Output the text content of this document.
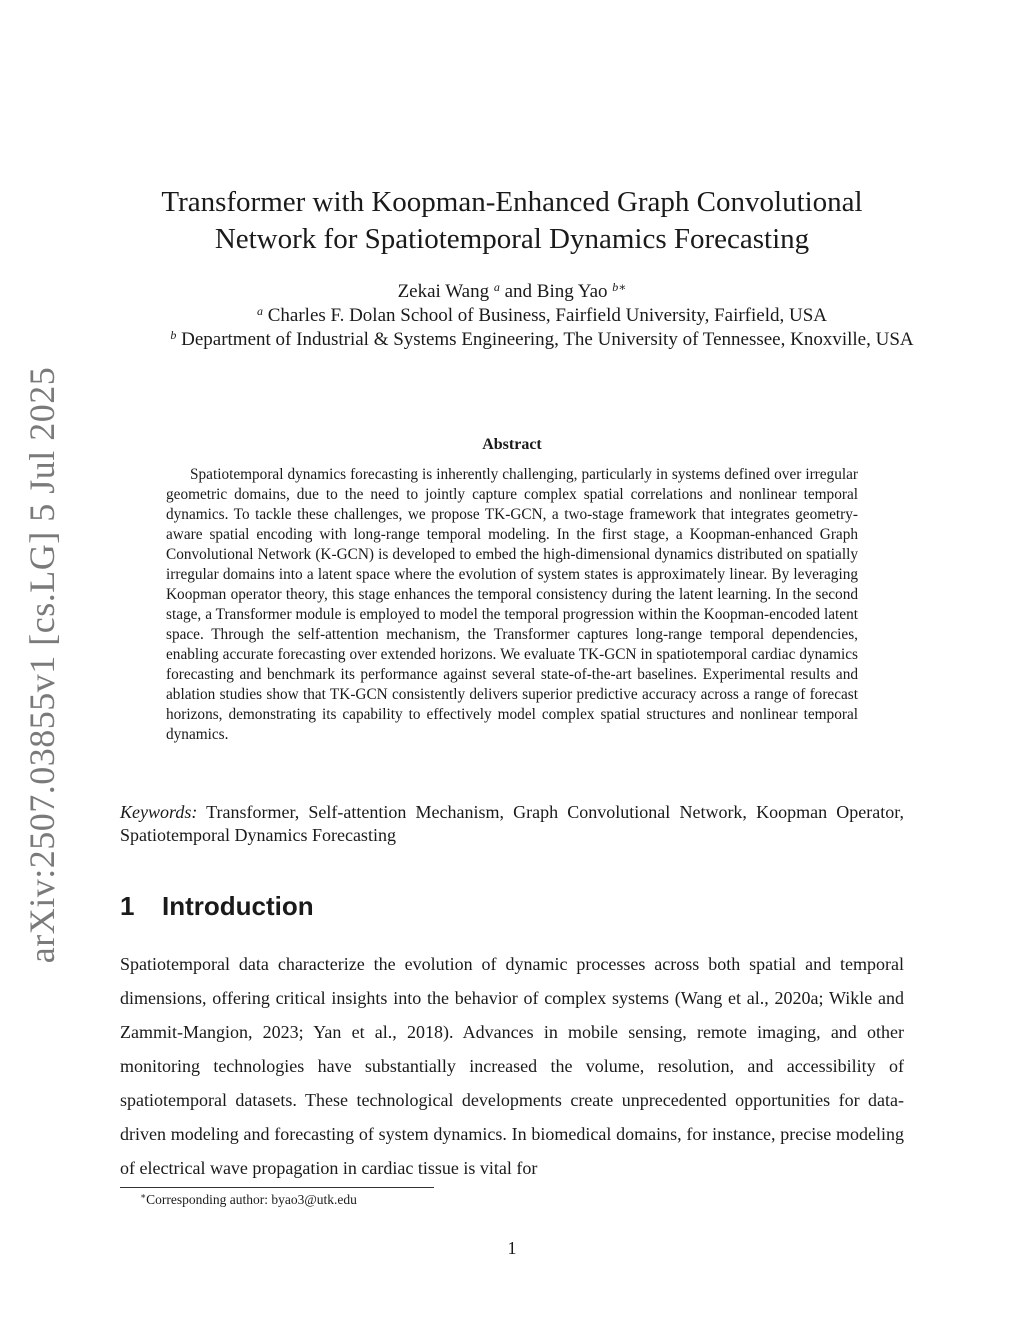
arXiv:2507.03855v1 [cs.LG] 5 Jul 2025
Transformer with Koopman-Enhanced Graph Convolutional
Network for Spatiotemporal Dynamics Forecasting
Zekai Wang $^a$ and Bing Yao $^{b∗}$
$^a$ Charles F. Dolan School of Business, Fairfield University, Fairfield, USA
$^b$ Department of Industrial & Systems Engineering, The University of Tennessee, Knoxville, USA
Abstract

Spatiotemporal dynamics forecasting is inherently challenging, particularly in systems defined over irregular geometric domains, due to the need to jointly capture complex spatial correlations and nonlinear temporal dynamics. To tackle these challenges, we propose TK-GCN, a two-stage framework that integrates geometry-aware spatial encoding with long-range temporal modeling. In the first stage, a Koopman-enhanced Graph Convolutional Network (K-GCN) is developed to embed the high-dimensional dynamics distributed on spatially irregular domains into a latent space where the evolution of system states is approximately linear. By leveraging Koopman operator theory, this stage enhances the temporal consistency during the latent learning. In the second stage, a Transformer module is employed to model the temporal progression within the Koopman-encoded latent space. Through the self-attention mechanism, the Transformer captures long-range temporal dependencies, enabling accurate forecasting over extended horizons. We evaluate TK-GCN in spatiotemporal cardiac dynamics forecasting and benchmark its performance against several state-of-the-art baselines. Experimental results and ablation studies show that TK-GCN consistently delivers superior predictive accuracy across a range of forecast horizons, demonstrating its capability to effectively model complex spatial structures and nonlinear temporal dynamics.

Keywords: Transformer, Self-attention Mechanism, Graph Convolutional Network, Koopman Operator, Spatiotemporal Dynamics Forecasting

1 Introduction

Spatiotemporal data characterize the evolution of dynamic processes across both spatial and temporal dimensions, offering critical insights into the behavior of complex systems (Wang et al., 2020a; Wikle and Zammit-Mangion, 2023; Yan et al., 2018). Advances in mobile sensing, remote imaging, and other monitoring technologies have substantially increased the volume, resolution, and accessibility of spatiotemporal datasets. These technological developments create unprecedented opportunities for data-driven modeling and forecasting of system dynamics. In biomedical domains, for instance, precise modeling of electrical wave propagation in cardiac tissue is vital for

∗Corresponding author: byao3@utk.edu
1
